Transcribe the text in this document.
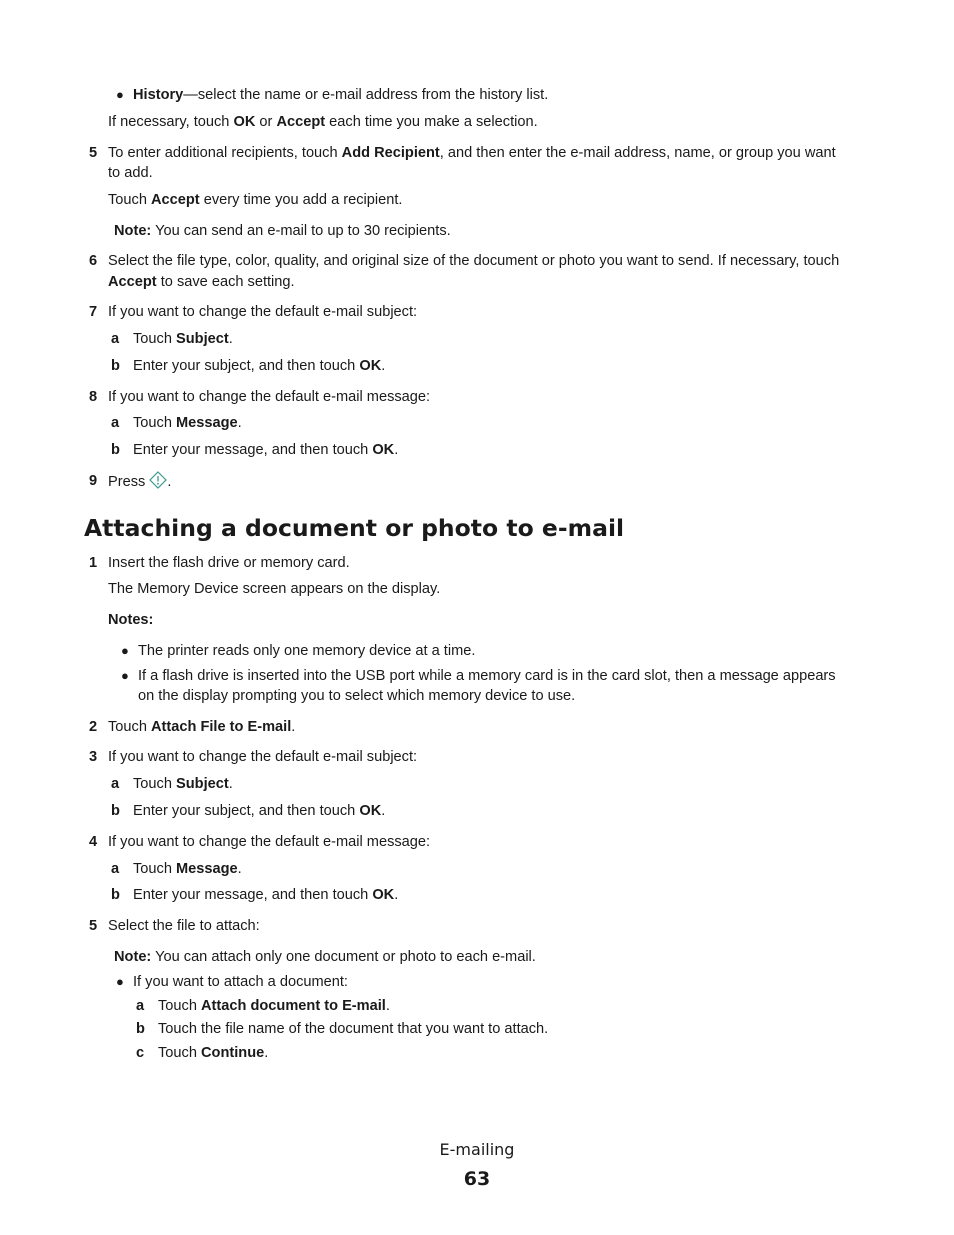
● History—select the name or e-mail address from the history list.
If necessary, touch OK or Accept each time you make a selection.
5 To enter additional recipients, touch Add Recipient, and then enter the e-mail address, name, or group you want
to add.
Touch Accept every time you add a recipient.
Note: You can send an e-mail to up to 30 recipients.
6 Select the file type, color, quality, and original size of the document or photo you want to send. If necessary, touch
Accept to save each setting.
7 If you want to change the default e-mail subject:
a Touch Subject.
b Enter your subject, and then touch OK.
8 If you want to change the default e-mail message:
a Touch Message.
b Enter your message, and then touch OK.
9 Press .
Attaching a document or photo to e-mail
1 Insert the flash drive or memory card.
The Memory Device screen appears on the display.
Notes:
● The printer reads only one memory device at a time.
● If a flash drive is inserted into the USB port while a memory card is in the card slot, then a message appears
on the display prompting you to select which memory device to use.
2 Touch Attach File to E-mail.
3 If you want to change the default e-mail subject:
a Touch Subject.
b Enter your subject, and then touch OK.
4 If you want to change the default e-mail message:
a Touch Message.
b Enter your message, and then touch OK.
5 Select the file to attach:
Note: You can attach only one document or photo to each e-mail.
● If you want to attach a document:
a Touch Attach document to E-mail.
b Touch the file name of the document that you want to attach.
c Touch Continue.
E-mailing
63
